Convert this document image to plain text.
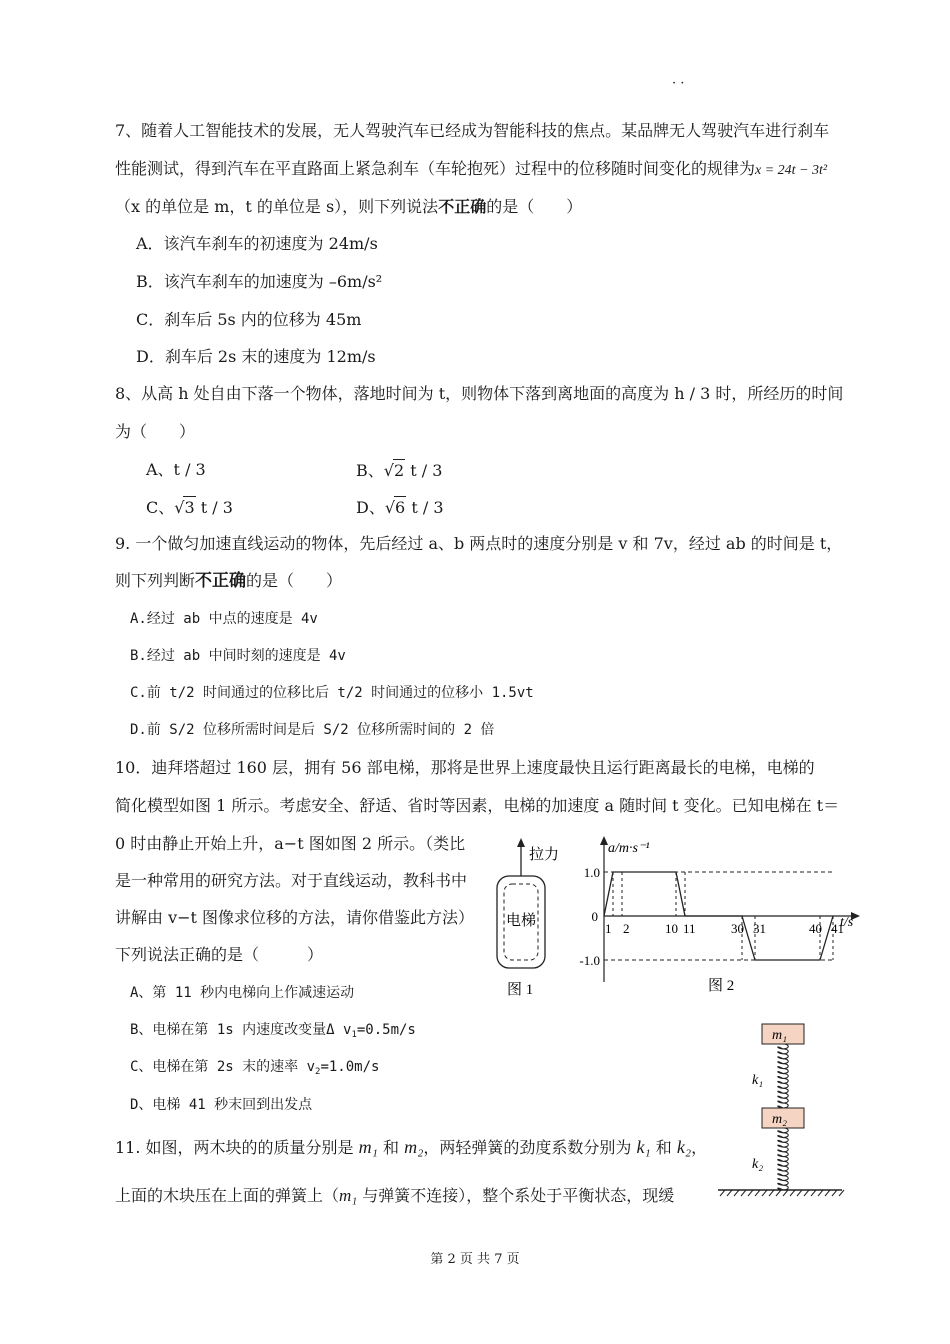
· ·
7、随着人工智能技术的发展，无人驾驶汽车已经成为智能科技的焦点。某品牌无人驾驶汽车进行刹车
性能测试，得到汽车在平直路面上紧急刹车（车轮抱死）过程中的位移随时间变化的规律为x = 24t − 3t²
（x 的单位是 m，t 的单位是 s），则下列说法不正确的是（　　）
A．该汽车刹车的初速度为 24m/s
B．该汽车刹车的加速度为 –6m/s²
C．刹车后 5s 内的位移为 45m
D．刹车后 2s 末的速度为 12m/s
8、从高 h 处自由下落一个物体，落地时间为 t，则物体下落到离地面的高度为 h / 3 时，所经历的时间
为（　　）
A、t / 3	B、√2 t / 3
C、√3 t / 3	D、√6 t / 3
9. 一个做匀加速直线运动的物体，先后经过 a、b 两点时的速度分别是 v 和 7v，经过 ab 的时间是 t，
则下列判断不正确的是（　　）
A.经过 ab 中点的速度是 4v
B.经过 ab 中间时刻的速度是 4v
C.前 t/2 时间通过的位移比后 t/2 时间通过的位移小 1.5vt
D.前 S/2 位移所需时间是后 S/2 位移所需时间的 2 倍
10．迪拜塔超过 160 层，拥有 56 部电梯，那将是世界上速度最快且运行距离最长的电梯，电梯的
简化模型如图 1 所示。考虑安全、舒适、省时等因素，电梯的加速度 a 随时间 t 变化。已知电梯在 t＝
0 时由静止开始上升，a−t 图如图 2 所示。（类比
是一种常用的研究方法。对于直线运动，教科书中
讲解由 v−t 图像求位移的方法，请你借鉴此方法）
下列说法正确的是（　　　）
A、第 11 秒内电梯向上作减速运动
B、电梯在第 1s 内速度改变量Δ $v_1=0.5m/s$
C、电梯在第 2s 末的速率 $v_2=1.0m/s$
D、电梯 41 秒末回到出发点
拉力
电梯
图 1
a/m·s⁻¹
t/s
1.0
0
-1.0
1 2	10 11	30 31	40 41
图 2
m₁
k₁
m₂
k₂
11. 如图，两木块的的质量分别是 m₁ 和 m₂，两轻弹簧的劲度系数分别为 k₁ 和 k₂，
上面的木块压在上面的弹簧上（m₁ 与弹簧不连接），整个系处于平衡状态，现缓
第 2 页 共 7 页
